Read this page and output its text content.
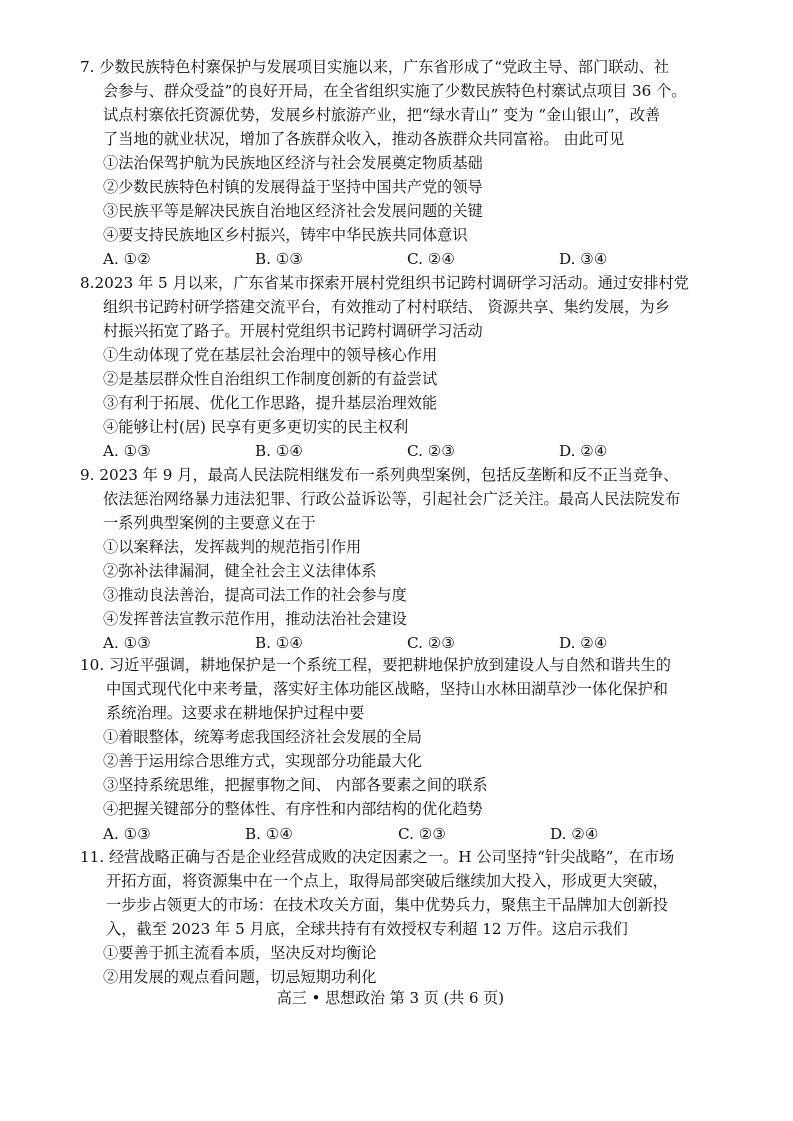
7. 少数民族特色村寨保护与发展项目实施以来，广东省形成了“党政主导、部门联动、社
会参与、群众受益”的良好开局，在全省组织实施了少数民族特色村寨试点项目 36 个。
试点村寨依托资源优势，发展乡村旅游产业，把“绿水青山” 变为 “金山银山”，改善
了当地的就业状况，增加了各族群众收入，推动各族群众共同富裕。 由此可见
①法治保驾护航为民族地区经济与社会发展奠定物质基础
②少数民族特色村镇的发展得益于坚持中国共产党的领导
③民族平等是解决民族自治地区经济社会发展问题的关键
④要支持民族地区乡村振兴，铸牢中华民族共同体意识
A. ①②	B. ①③	C. ②④	D. ③④
8.2023 年 5 月以来，广东省某市探索开展村党组织书记跨村调研学习活动。通过安排村党
组织书记跨村研学搭建交流平台，有效推动了村村联结、 资源共享、集约发展，为乡
村振兴拓宽了路子。开展村党组织书记跨村调研学习活动
①生动体现了党在基层社会治理中的领导核心作用
②是基层群众性自治组织工作制度创新的有益尝试
③有利于拓展、优化工作思路，提升基层治理效能
④能够让村(居) 民享有更多更切实的民主权利
A. ①③	B. ①④	C. ②③	D. ②④
9. 2023 年 9 月，最高人民法院相继发布一系列典型案例，包括反垄断和反不正当竞争、
依法惩治网络暴力违法犯罪、行政公益诉讼等，引起社会广泛关注。最高人民法院发布
一系列典型案例的主要意义在于
①以案释法，发挥裁判的规范指引作用
②弥补法律漏洞，健全社会主义法律体系
③推动良法善治，提高司法工作的社会参与度
④发挥普法宣教示范作用，推动法治社会建设
A. ①③	B. ①④	C. ②③	D. ②④
10. 习近平强调，耕地保护是一个系统工程，要把耕地保护放到建设人与自然和谐共生的
中国式现代化中来考量，落实好主体功能区战略，坚持山水林田湖草沙一体化保护和
系统治理。这要求在耕地保护过程中要
①着眼整体，统筹考虑我国经济社会发展的全局
②善于运用综合思维方式，实现部分功能最大化
③坚持系统思维，把握事物之间、 内部各要素之间的联系
④把握关键部分的整体性、有序性和内部结构的优化趋势
A. ①③	B. ①④	C. ②③	D. ②④
11. 经营战略正确与否是企业经营成败的决定因素之一。H 公司坚持“针尖战略”，在市场
开拓方面，将资源集中在一个点上，取得局部突破后继续加大投入，形成更大突破，
一步步占领更大的市场：在技术攻关方面，集中优势兵力，聚焦主干品牌加大创新投
入，截至 2023 年 5 月底，全球共持有有效授权专利超 12 万件。这启示我们
①要善于抓主流看本质，坚决反对均衡论
②用发展的观点看问题，切忌短期功利化
高三 • 思想政治 第 3 页 (共 6 页)
